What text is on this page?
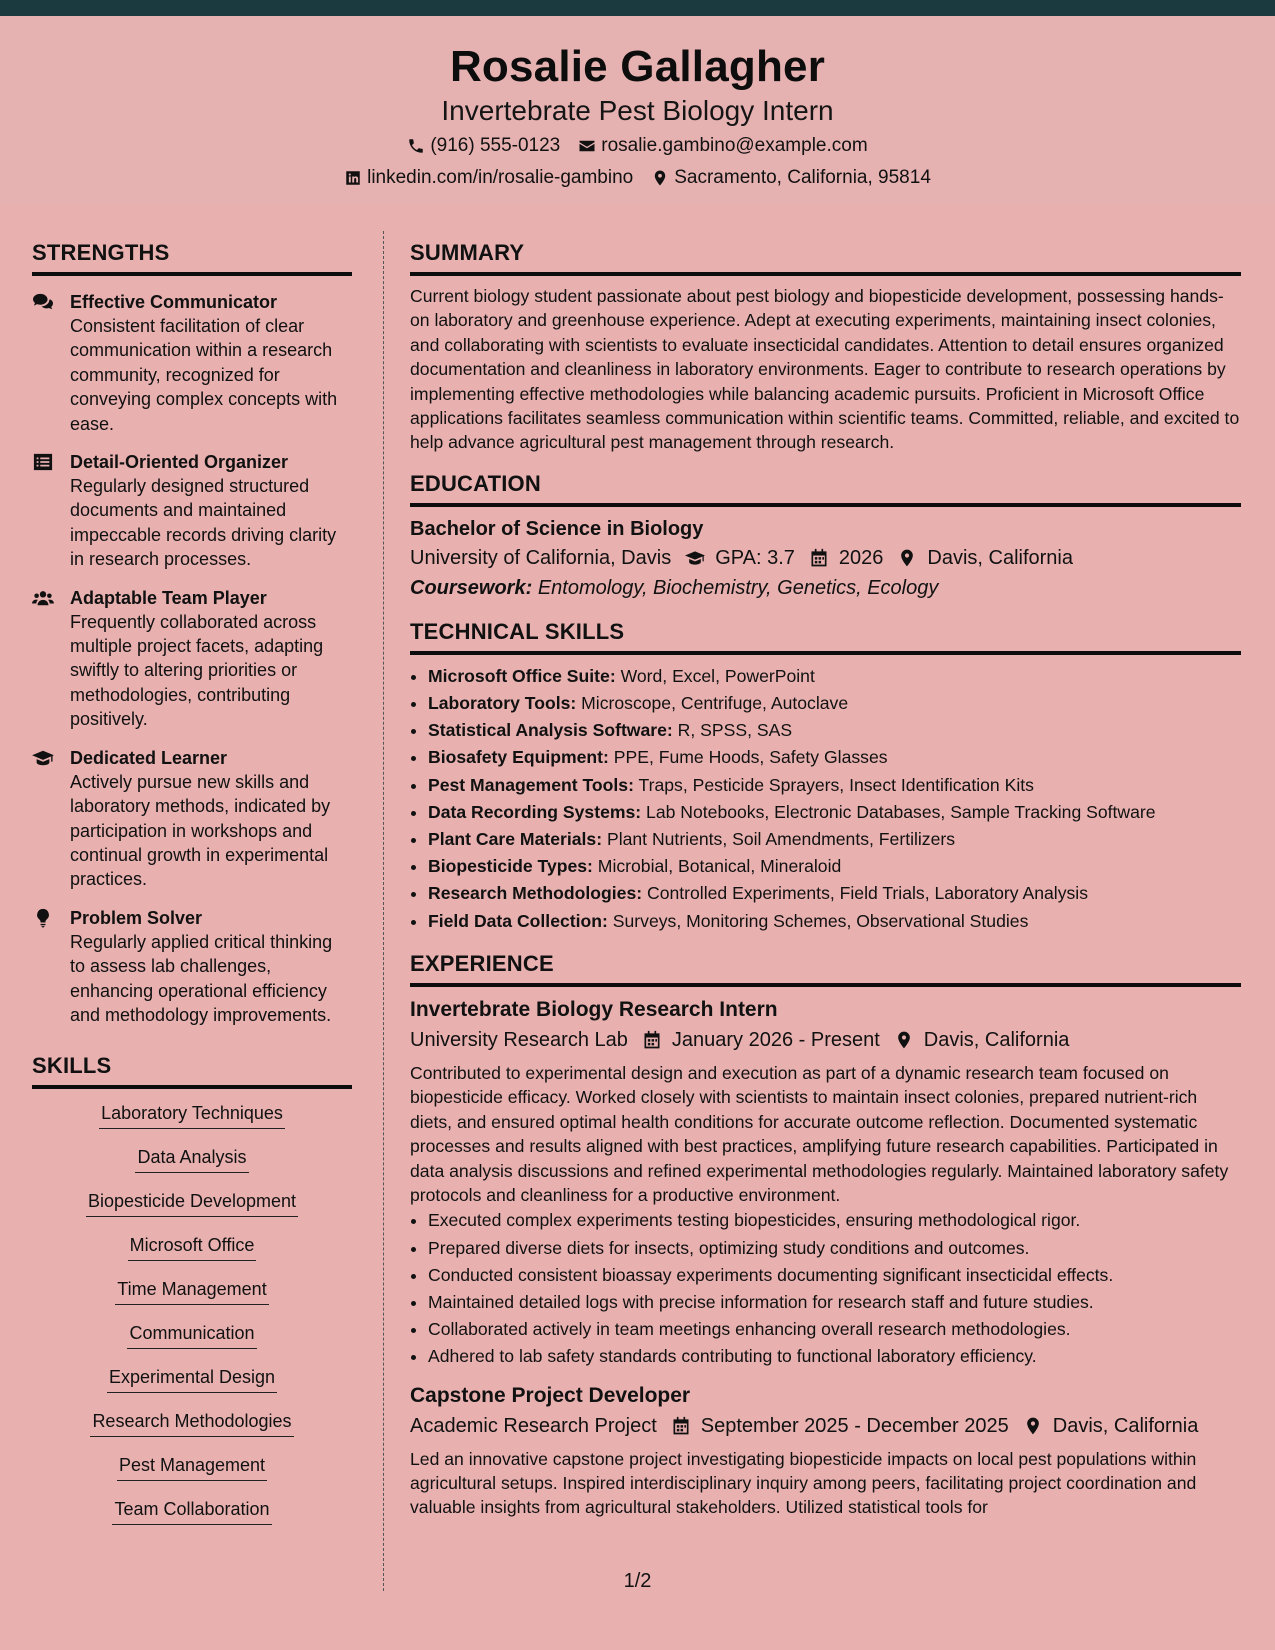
Rosalie Gallagher
Invertebrate Pest Biology Intern
(916) 555-0123 rosalie.gambino@example.com
linkedin.com/in/rosalie-gambino Sacramento, California, 95814
STRENGTHS
Effective Communicator
Consistent facilitation of clear communication within a research community, recognized for conveying complex concepts with ease.
Detail-Oriented Organizer
Regularly designed structured documents and maintained impeccable records driving clarity in research processes.
Adaptable Team Player
Frequently collaborated across multiple project facets, adapting swiftly to altering priorities or methodologies, contributing positively.
Dedicated Learner
Actively pursue new skills and laboratory methods, indicated by participation in workshops and continual growth in experimental practices.
Problem Solver
Regularly applied critical thinking to assess lab challenges, enhancing operational efficiency and methodology improvements.
SKILLS
Laboratory Techniques
Data Analysis
Biopesticide Development
Microsoft Office
Time Management
Communication
Experimental Design
Research Methodologies
Pest Management
Team Collaboration
SUMMARY
Current biology student passionate about pest biology and biopesticide development, possessing hands-on laboratory and greenhouse experience. Adept at executing experiments, maintaining insect colonies, and collaborating with scientists to evaluate insecticidal candidates. Attention to detail ensures organized documentation and cleanliness in laboratory environments. Eager to contribute to research operations by implementing effective methodologies while balancing academic pursuits. Proficient in Microsoft Office applications facilitates seamless communication within scientific teams. Committed, reliable, and excited to help advance agricultural pest management through research.
EDUCATION
Bachelor of Science in Biology
University of California, Davis GPA: 3.7 2026 Davis, California
Coursework: Entomology, Biochemistry, Genetics, Ecology
TECHNICAL SKILLS
• Microsoft Office Suite: Word, Excel, PowerPoint
• Laboratory Tools: Microscope, Centrifuge, Autoclave
• Statistical Analysis Software: R, SPSS, SAS
• Biosafety Equipment: PPE, Fume Hoods, Safety Glasses
• Pest Management Tools: Traps, Pesticide Sprayers, Insect Identification Kits
• Data Recording Systems: Lab Notebooks, Electronic Databases, Sample Tracking Software
• Plant Care Materials: Plant Nutrients, Soil Amendments, Fertilizers
• Biopesticide Types: Microbial, Botanical, Mineraloid
• Research Methodologies: Controlled Experiments, Field Trials, Laboratory Analysis
• Field Data Collection: Surveys, Monitoring Schemes, Observational Studies
EXPERIENCE
Invertebrate Biology Research Intern
University Research Lab January 2026 - Present Davis, California
Contributed to experimental design and execution as part of a dynamic research team focused on biopesticide efficacy. Worked closely with scientists to maintain insect colonies, prepared nutrient-rich diets, and ensured optimal health conditions for accurate outcome reflection. Documented systematic processes and results aligned with best practices, amplifying future research capabilities. Participated in data analysis discussions and refined experimental methodologies regularly. Maintained laboratory safety protocols and cleanliness for a productive environment.
• Executed complex experiments testing biopesticides, ensuring methodological rigor.
• Prepared diverse diets for insects, optimizing study conditions and outcomes.
• Conducted consistent bioassay experiments documenting significant insecticidal effects.
• Maintained detailed logs with precise information for research staff and future studies.
• Collaborated actively in team meetings enhancing overall research methodologies.
• Adhered to lab safety standards contributing to functional laboratory efficiency.
Capstone Project Developer
Academic Research Project September 2025 - December 2025 Davis, California
Led an innovative capstone project investigating biopesticide impacts on local pest populations within agricultural setups. Inspired interdisciplinary inquiry among peers, facilitating project coordination and valuable insights from agricultural stakeholders. Utilized statistical tools for
1/2
